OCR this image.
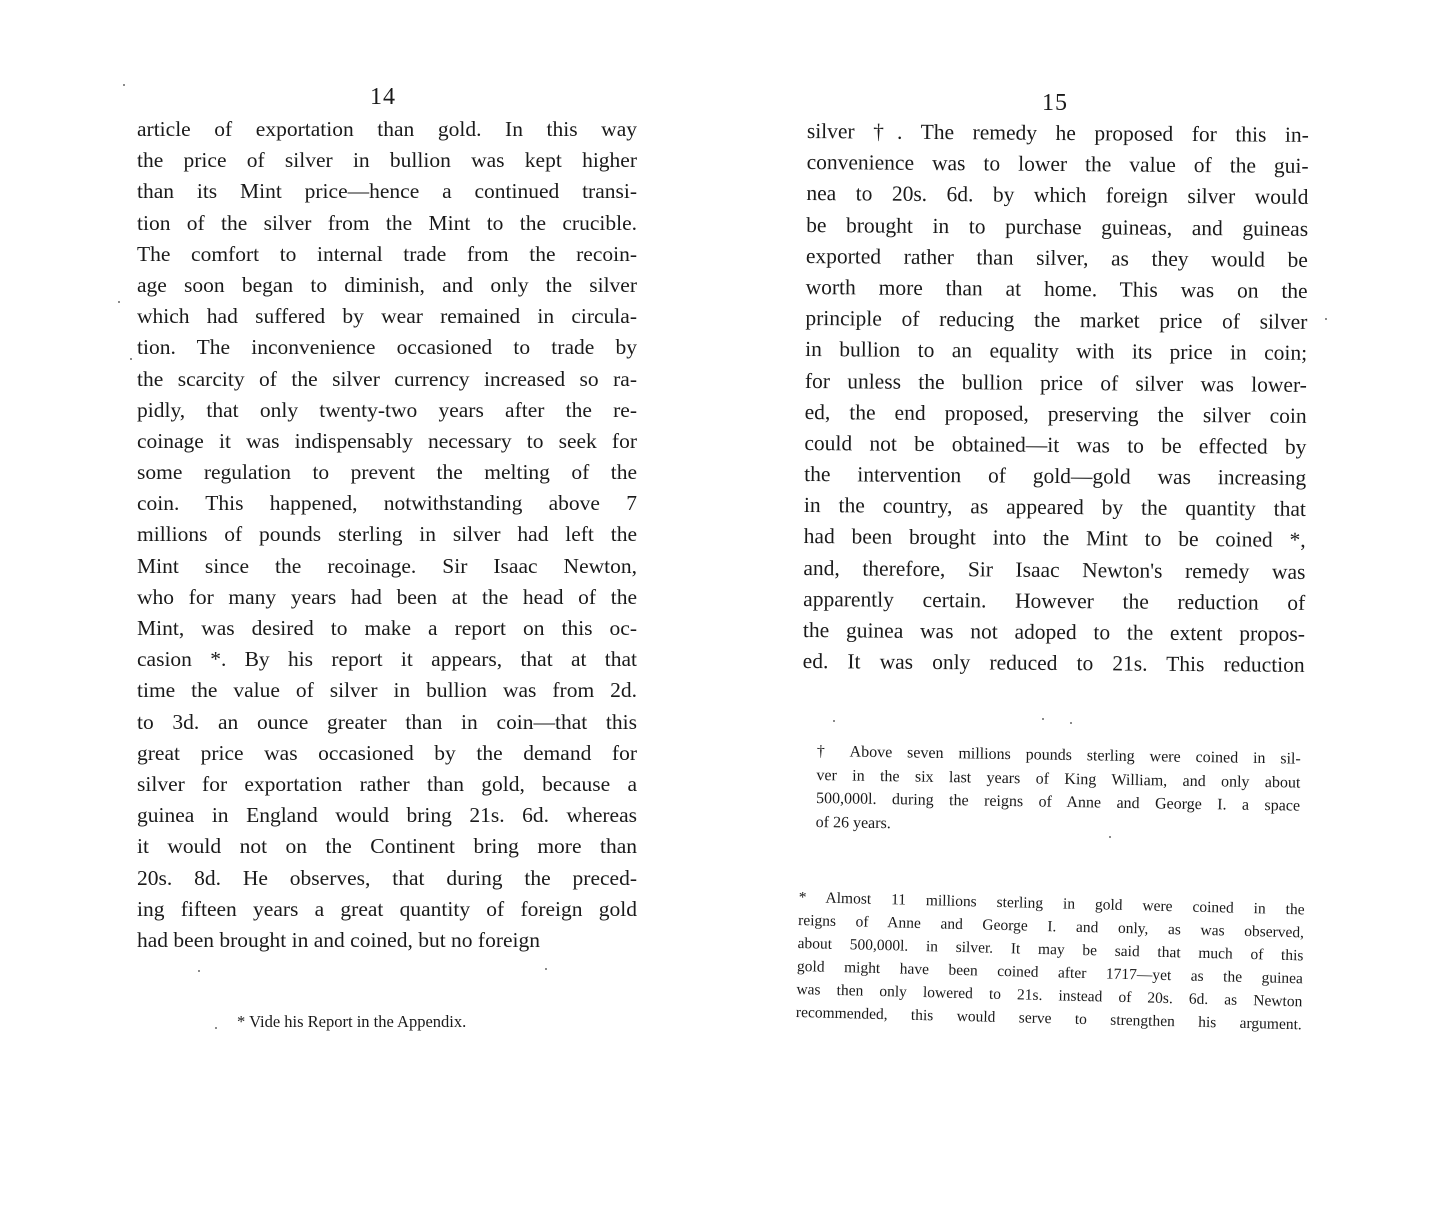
14
article of exportation than gold. In this way
the price of silver in bullion was kept higher
than its Mint price—hence a continued transi-
tion of the silver from the Mint to the crucible.
The comfort to internal trade from the recoin-
age soon began to diminish, and only the silver
which had suffered by wear remained in circula-
tion. The inconvenience occasioned to trade by
the scarcity of the silver currency increased so ra-
pidly, that only twenty-two years after the re-
coinage it was indispensably necessary to seek for
some regulation to prevent the melting of the
coin. This happened, notwithstanding above 7
millions of pounds sterling in silver had left the
Mint since the recoinage. Sir Isaac Newton,
who for many years had been at the head of the
Mint, was desired to make a report on this oc-
casion *. By his report it appears, that at that
time the value of silver in bullion was from 2d.
to 3d. an ounce greater than in coin—that this
great price was occasioned by the demand for
silver for exportation rather than gold, because a
guinea in England would bring 21s. 6d. whereas
it would not on the Continent bring more than
20s. 8d. He observes, that during the preced-
ing fifteen years a great quantity of foreign gold
had been brought in and coined, but no foreign
* Vide his Report in the Appendix.
15
silver †. The remedy he proposed for this in-
convenience was to lower the value of the gui-
nea to 20s. 6d. by which foreign silver would
be brought in to purchase guineas, and guineas
exported rather than silver, as they would be
worth more than at home. This was on the
principle of reducing the market price of silver
in bullion to an equality with its price in coin;
for unless the bullion price of silver was lower-
ed, the end proposed, preserving the silver coin
could not be obtained—it was to be effected by
the intervention of gold—gold was increasing
in the country, as appeared by the quantity that
had been brought into the Mint to be coined *,
and, therefore, Sir Isaac Newton's remedy was
apparently certain. However the reduction of
the guinea was not adoped to the extent propos-
ed. It was only reduced to 21s. This reduction
† Above seven millions pounds sterling were coined in sil-
ver in the six last years of King William, and only about
500,000l. during the reigns of Anne and George I. a space
of 26 years.
* Almost 11 millions sterling in gold were coined in the
reigns of Anne and George I. and only, as was observed,
about 500,000l. in silver. It may be said that much of this
gold might have been coined after 1717—yet as the guinea
was then only lowered to 21s. instead of 20s. 6d. as Newton
recommended, this would serve to strengthen his argument.
